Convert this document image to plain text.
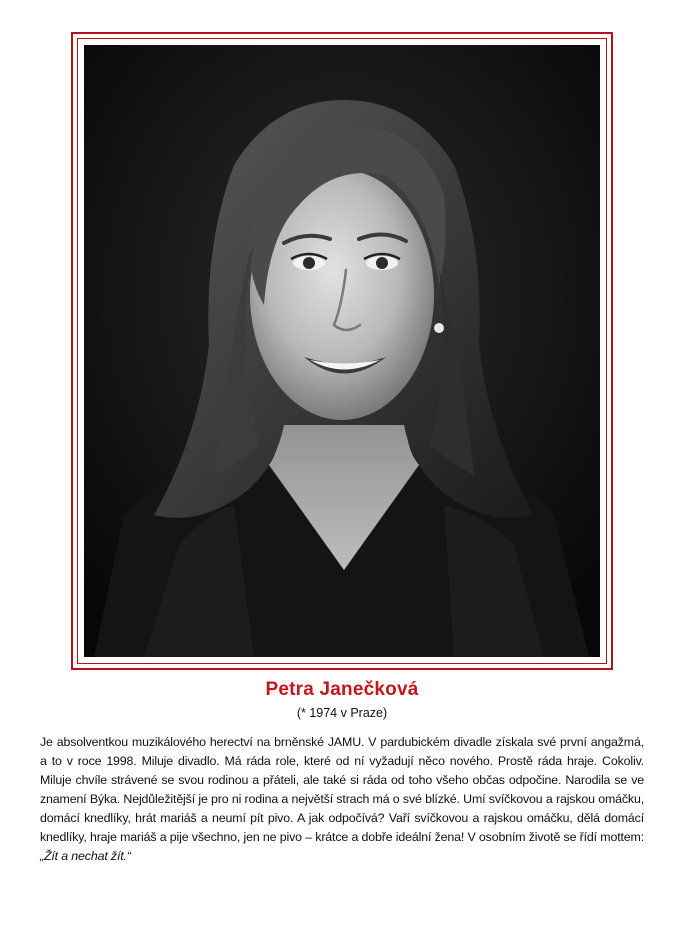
Petra Janečková
(* 1974 v Praze)
Je absolventkou muzikálového herectví na brněnské JAMU. V pardubickém divadle získala své první angažmá, a to v roce 1998. Miluje divadlo. Má ráda role, které od ní vyžadují něco nového. Prostě ráda hraje. Cokoliv. Miluje chvíle strávené se svou rodinou a přáteli, ale také si ráda od toho všeho občas odpočine. Narodila se ve znamení Býka. Nejdůležitější je pro ni rodina a největší strach má o své blízké. Umí svíčkovou a rajskou omáčku, domácí knedlíky, hrát mariáš a neumí pít pivo. A jak odpočívá? Vaří svíčkovou a rajskou omáčku, dělá domácí knedlíky, hraje mariáš a pije všechno, jen ne pivo – krátce a dobře ideální žena! V osobním životě se řídí mottem: „Žít a nechat žít.“
